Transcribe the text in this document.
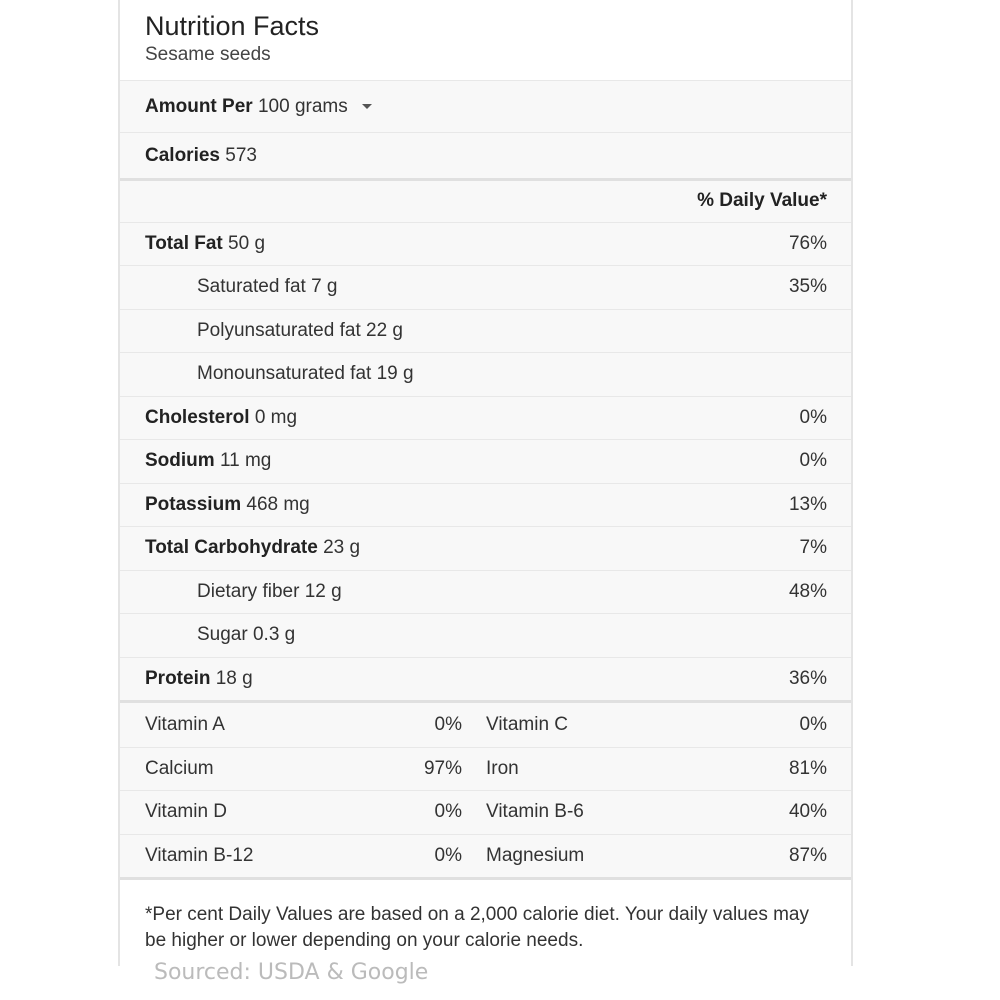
Nutrition Facts
Sesame seeds
Amount Per 100 grams
Calories 573
% Daily Value*
Total Fat 50 g	76%
Saturated fat 7 g	35%
Polyunsaturated fat 22 g
Monounsaturated fat 19 g
Cholesterol 0 mg	0%
Sodium 11 mg	0%
Potassium 468 mg	13%
Total Carbohydrate 23 g	7%
Dietary fiber 12 g	48%
Sugar 0.3 g
Protein 18 g	36%
Vitamin A	0% Vitamin C	0%
Calcium	97% Iron	81%
Vitamin D	0% Vitamin B-6	40%
Vitamin B-12	0% Magnesium	87%
*Per cent Daily Values are based on a 2,000 calorie diet. Your daily values may be higher or lower depending on your calorie needs.
Sourced: USDA & Google
